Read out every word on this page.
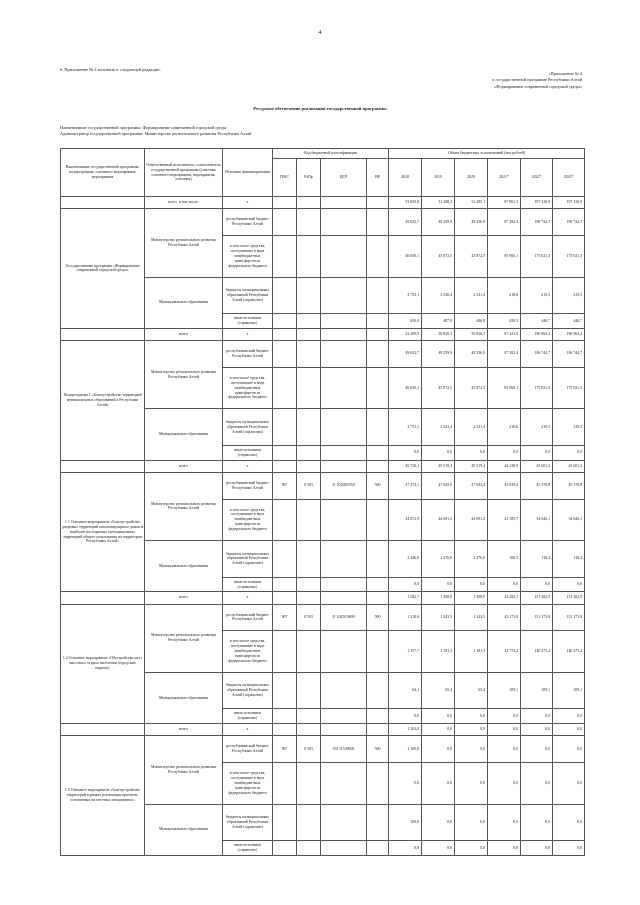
4
6. Приложение № 4 изложить в следующей редакции:
«Приложение № 4
к государственной программе Республики Алтай
«Формирование современной городской среды»
Ресурсное обеспечение реализации государственной программы
Наименование государственной программы: Формирование современной городской среды
Администратор государственной программы: Министерство регионального развития Республики Алтай
Наименование государственной программы, подпрограммы, основного мероприятия, мероприятия	Ответственный исполнитель, соисполнитель государственной программы (участник основного мероприятия, мероприятия, участник)	Источник финансирования	Код бюджетной классификации				Объем бюджетных ассигнований (тыс.рублей)					
			ГРБС	РзПр	ЦСР	ВР	2018	2019	2020	2021*	2022*	2023*
	всего, в том числе:	х					53 055,8	51 288,2	51 285,1	87 961,3	197 410,9	197 410,9
Государственная программа «Формирование современной городской среды»	Министерство регионального развития Республики Алтай	республиканский бюджет Республики Алтай					49 652,7	48 259,9	48 256,9	87 292,4	196 744,7	196 744,7
		в том числе средства, поступившие в виде межбюджетных трансфертов из федерального бюджета					46 050,1	45 872,5	45 872,5	85 960,1	175 021,3	175 021,3
	Муниципальные образования	бюджеты муниципальных образований Республики Алтай (справочно)					2 753,1	2 540,4	2 541,4	218,6	219,5	219,5
		иные источники (справочно)					650,0	487,9	486,8	450,3	446,7	446,7
	всего	х					52 209,8	50 828,3	50 828,3	87 421,0	196 964,2	196 964,2
Подпрограмма 1 «Благоустройство территорий муниципальных образований в Республике Алтай»	Министерство регионального развития Республики Алтай	республиканский бюджет Республики Алтай					49 652,7	48 259,9	48 256,9	87 202,4	196 744,7	196 744,7
		в том числе средства, поступившие в виде межбюджетных трансфертов из федерального бюджета					46 030,1	45 872,5	45 872,5	85 960,1	175 021,3	175 021,3
	Муниципальные образования	бюджеты муниципальных образований Республики Алтай (справочно)					2 751,1	2 541,4	2 541,4	218,6	219,5	219,5
		иные источники (справочно)					0,0	0,0	0,0	0,0	0,0	0,0
	всего	х					49 720,1	49 519,4	49 519,4	44 138,9	45 601,3	45 601,3
1.1 Основное мероприятие «Благоустройство дворовых территорий многоквартирных домов и наиболее посещаемых муниципальных территорий общего пользования на территории Республики Алтай»	Министерство регионального развития Республики Алтай	республиканский бюджет Республики Алтай	907	0 503	I1 1010R5550	500	47 274,1	47 043,6	47 043,4	43 929,4	45 370,9	45 370,9
		в том числе средства, поступившие в виде межбюджетных трансфертов из федерального бюджета					44 872,9	44 691,2	44 691,2	23 185,7	34 646,1	34 646,1
	Муниципальные образования	бюджеты муниципальных образований Республики Алтай (справочно)					2 446,0	2 476,0	2 476,0	108,5	110,4	110,4
		иные источники (справочно)					0,0	0,0	0,0	0,0	0,0	0,0
	всего	х					1 282,7	1 308,9	1 308,9	43 282,1	151 262,9	151 262,9
1.2 Основное мероприятие «Обустройство мест массового отдыха населения (городских парков)»	Министерство регионального развития Республики Алтай	республиканский бюджет Республики Алтай	907	0 503	I1 1025L9600	500	1 218,6	1 243,5	1 243,5	43 173,0	151 173,8	151 173,8
		в том числе средства, поступившие в виде межбюджетных трансфертов из федерального бюджета					1 157,7	1 181,3	1 181,3	32 774,4	140 375,2	140 375,2
	Муниципальные образования	бюджеты муниципальных образований Республики Алтай (справочно)					64,1	65,4	65,4	109,1	109,1	109,1
		иные источники (справочно)					0,0	0,0	0,0	0,0	0,0	0,0
	всего	х					1 203,0	0,0	0,0	0,0	0,0	0,0
1.3 Основное мероприятие «Благоустройство территорий в рамках реализации проектов, основанных на местных инициативах»	Министерство регионального развития Республики Алтай	республиканский бюджет Республики Алтай	907	0 503	391 I1540600	500	1 100,0	0,0	0,0	0,0	0,0	0,0
		в том числе средства, поступившие в виде межбюджетных трансфертов из федерального бюджета					0,0	0,0	0,0	0,0	0,0	0,0
	Муниципальные образования	бюджеты муниципальных образований Республики Алтай (справочно)					100,0	0,0	0,0	0,0	0,0	0,0
		иные источники (справочно)					0,0	0,0	0,0	0,0	0,0	0,0
